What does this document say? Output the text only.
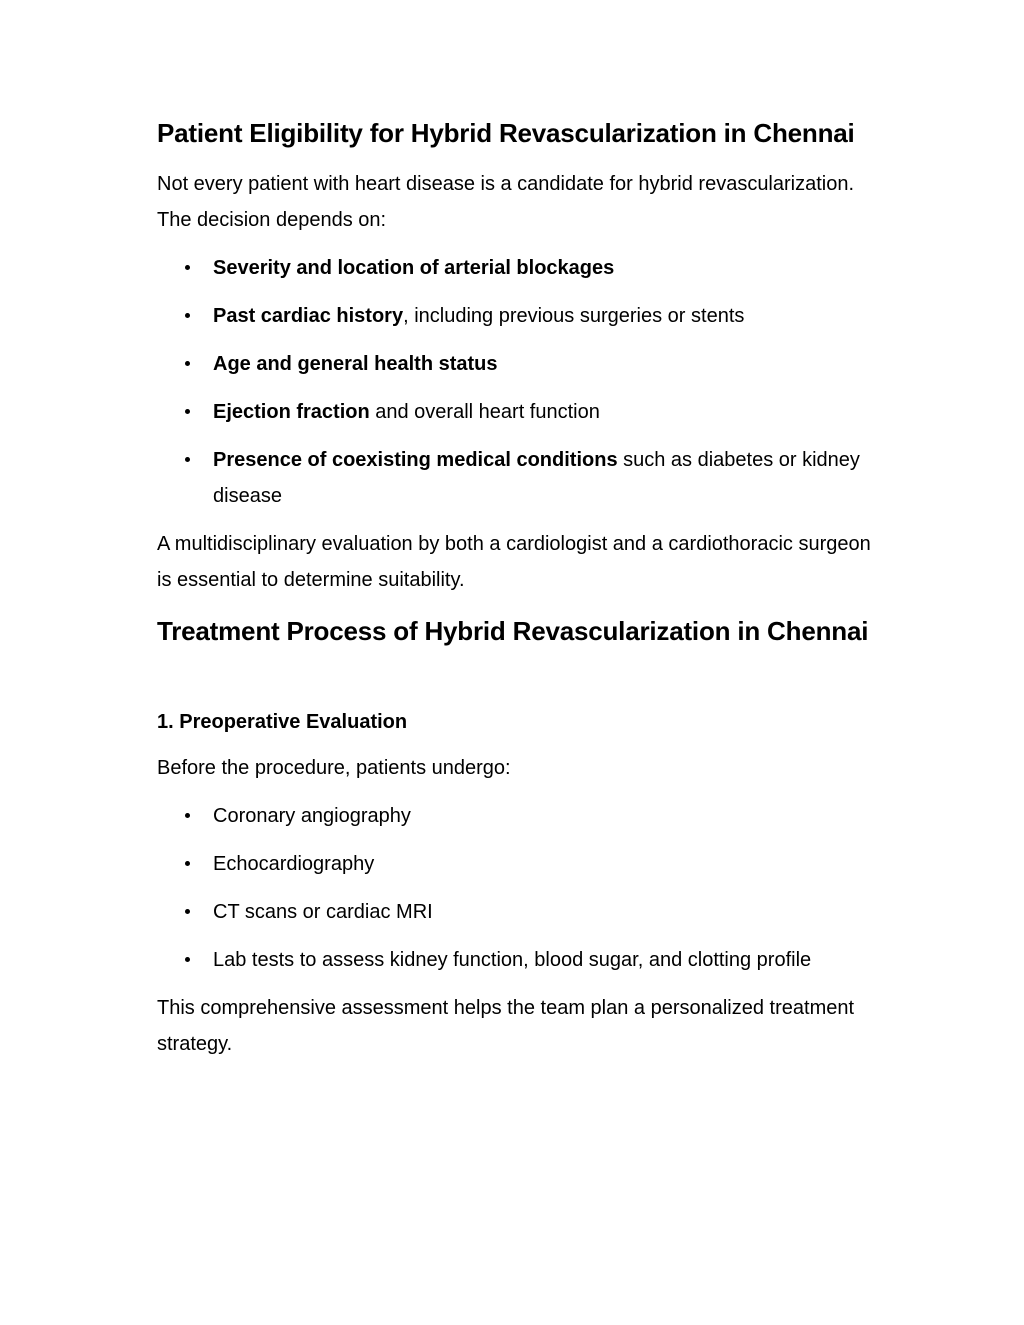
Patient Eligibility for Hybrid Revascularization in Chennai

Not every patient with heart disease is a candidate for hybrid revascularization. The decision depends on:

Severity and location of arterial blockages
Past cardiac history, including previous surgeries or stents
Age and general health status
Ejection fraction and overall heart function
Presence of coexisting medical conditions such as diabetes or kidney disease

A multidisciplinary evaluation by both a cardiologist and a cardiothoracic surgeon is essential to determine suitability.

Treatment Process of Hybrid Revascularization in Chennai
1. Preoperative Evaluation

Before the procedure, patients undergo:

Coronary angiography
Echocardiography
CT scans or cardiac MRI
Lab tests to assess kidney function, blood sugar, and clotting profile

This comprehensive assessment helps the team plan a personalized treatment strategy.
